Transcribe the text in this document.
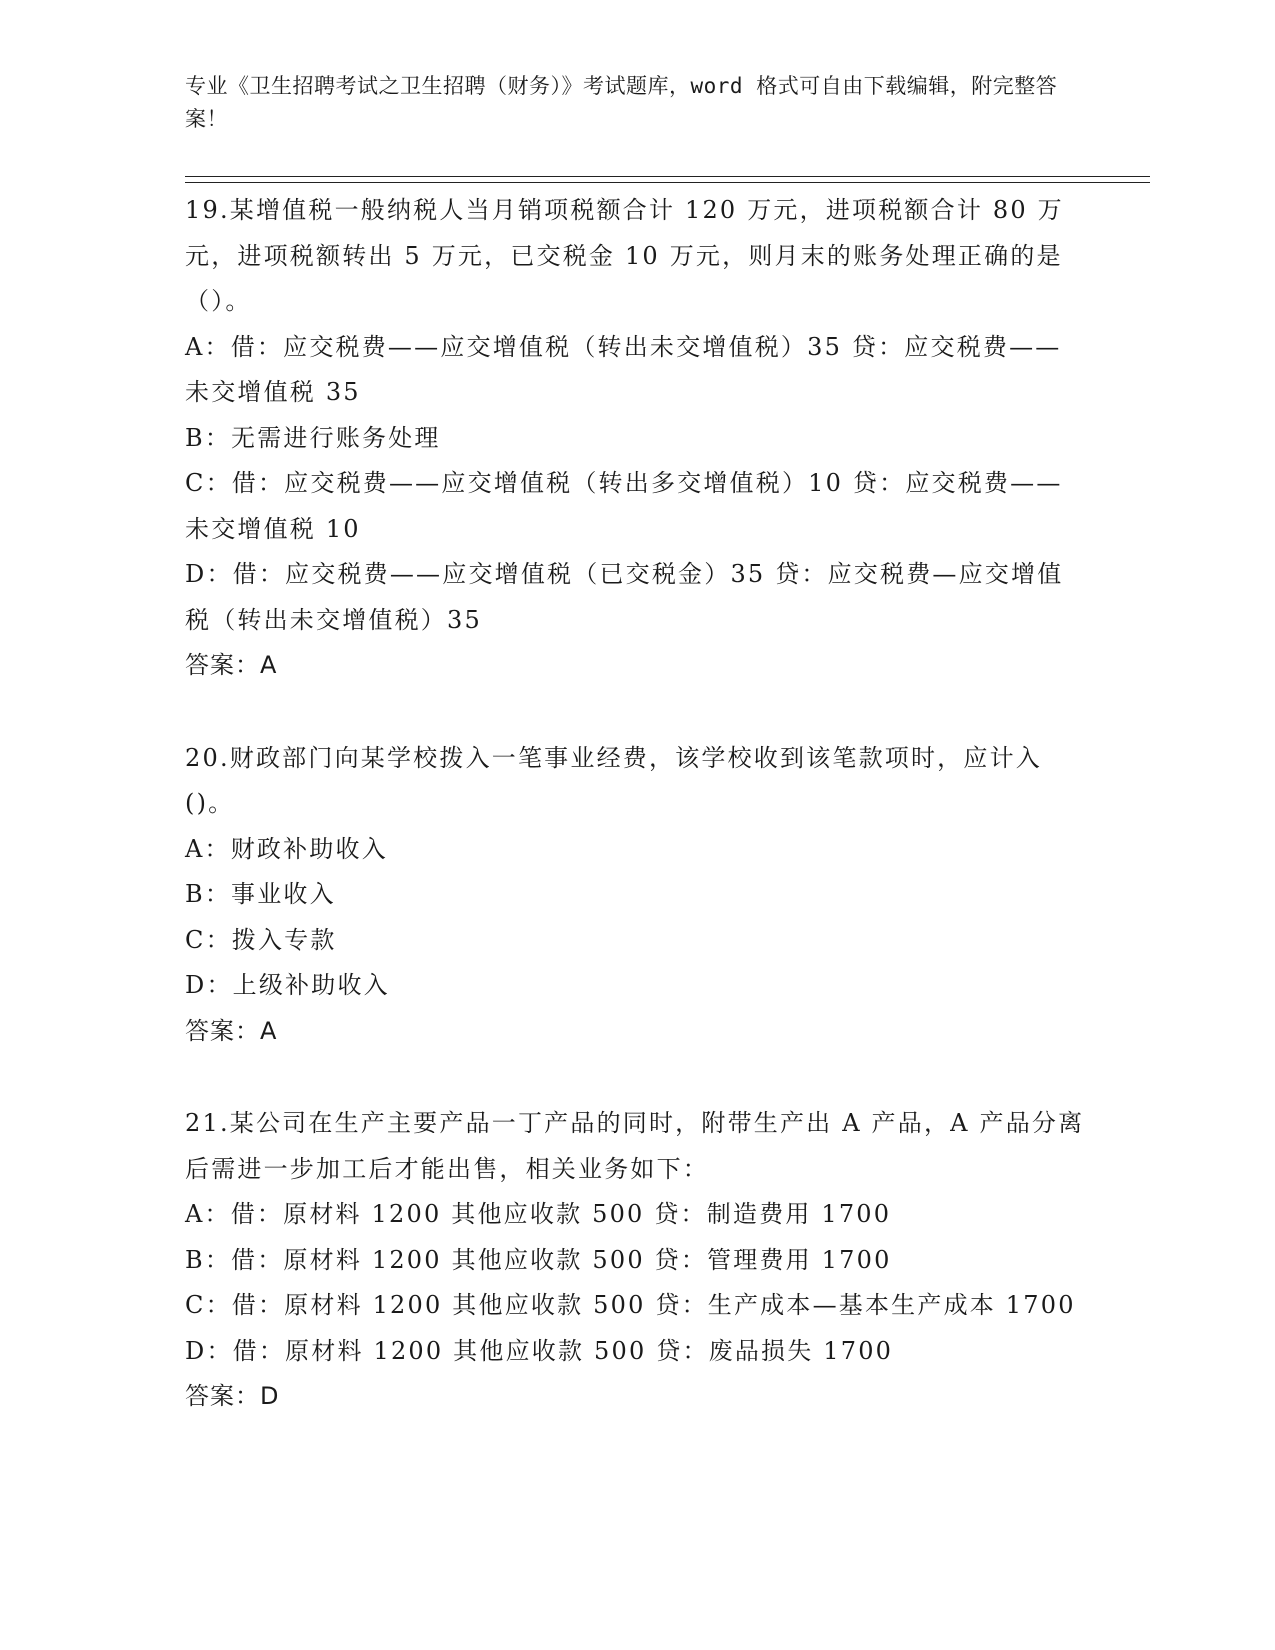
专业《卫生招聘考试之卫生招聘（财务）》考试题库，word 格式可自由下载编辑，附完整答案！

19.某增值税一般纳税人当月销项税额合计 120 万元，进项税额合计 80 万元，进项税额转出 5 万元，已交税金 10 万元，则月末的账务处理正确的是（）。

A：借：应交税费——应交增值税（转出未交增值税）35 贷：应交税费——未交增值税 35

B：无需进行账务处理

C：借：应交税费——应交增值税（转出多交增值税）10 贷：应交税费——未交增值税 10

D：借：应交税费——应交增值税（已交税金）35 贷：应交税费—应交增值税（转出未交增值税）35

答案：A

20.财政部门向某学校拨入一笔事业经费，该学校收到该笔款项时，应计入()。

A：财政补助收入

B：事业收入

C：拨入专款

D：上级补助收入

答案：A

21.某公司在生产主要产品一丁产品的同时，附带生产出 A 产品，A 产品分离后需进一步加工后才能出售，相关业务如下：

A：借：原材料 1200 其他应收款 500 贷：制造费用 1700

B：借：原材料 1200 其他应收款 500 贷：管理费用 1700

C：借：原材料 1200 其他应收款 500 贷：生产成本—基本生产成本 1700

D：借：原材料 1200 其他应收款 500 贷：废品损失 1700

答案：D
